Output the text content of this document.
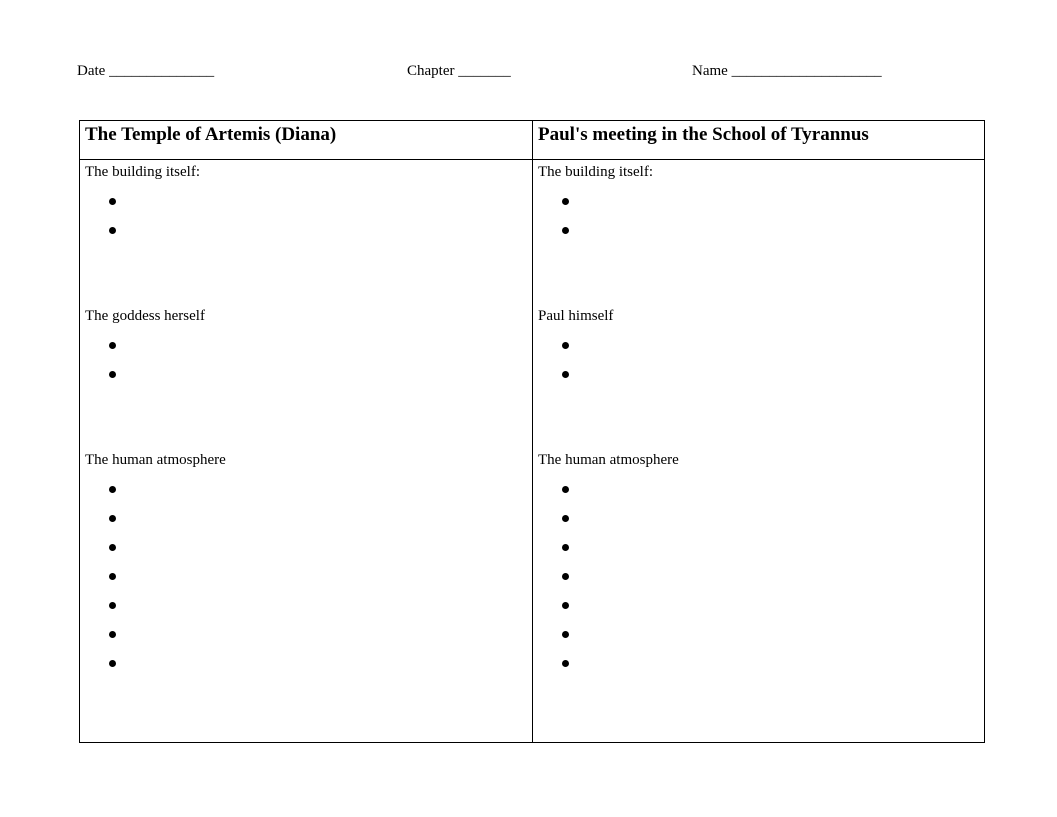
Date ______________	Chapter _______	Name ____________________
The Temple of Artemis (Diana)
The building itself:
The goddess herself
The human atmosphere
Paul's meeting in the School of Tyrannus
The building itself:
Paul himself
The human atmosphere
